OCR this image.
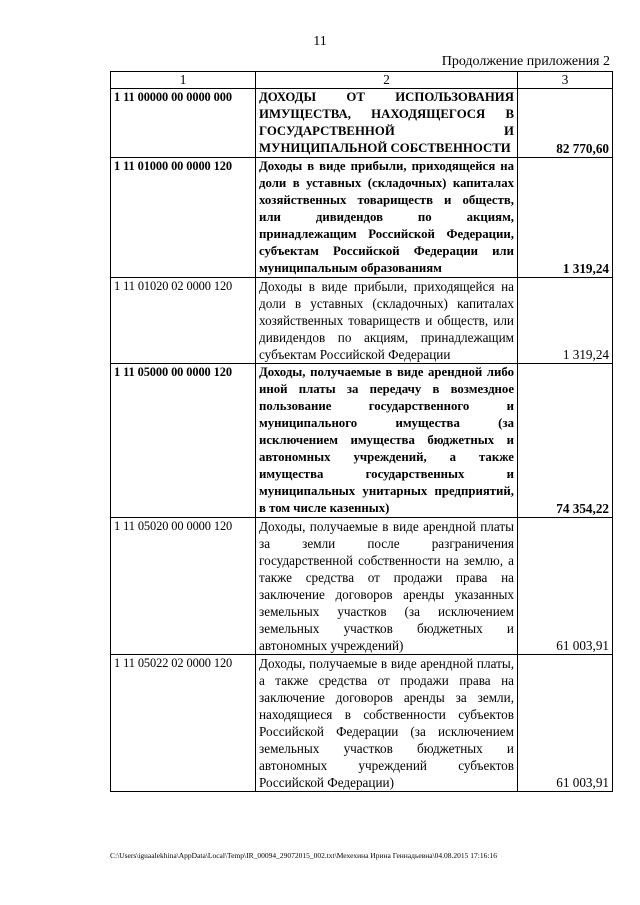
11
Продолжение приложения 2
1	2	3
1 11 00000 00 0000 000	ДОХОДЫ ОТ ИСПОЛЬЗОВАНИЯ ИМУЩЕСТВА, НАХОДЯЩЕГОСЯ В ГОСУДАРСТВЕННОЙ И МУНИЦИПАЛЬНОЙ СОБСТВЕННОСТИ	82 770,60
1 11 01000 00 0000 120	Доходы в виде прибыли, приходящейся на доли в уставных (складочных) капиталах хозяйственных товариществ и обществ, или дивидендов по акциям, принадлежащим Российской Федерации, субъектам Российской Федерации или муниципальным образованиям	1 319,24
1 11 01020 02 0000 120	Доходы в виде прибыли, приходящейся на доли в уставных (складочных) капиталах хозяйственных товариществ и обществ, или дивидендов по акциям, принадлежащим субъектам Российской Федерации	1 319,24
1 11 05000 00 0000 120	Доходы, получаемые в виде арендной либо иной платы за передачу в возмездное пользование государственного и муниципального имущества (за исключением имущества бюджетных и автономных учреждений, а также имущества государственных и муниципальных унитарных предприятий, в том числе казенных)	74 354,22
1 11 05020 00 0000 120	Доходы, получаемые в виде арендной платы за земли после разграничения государственной собственности на землю, а также средства от продажи права на заключение договоров аренды указанных земельных участков (за исключением земельных участков бюджетных и автономных учреждений)	61 003,91
1 11 05022 02 0000 120	Доходы, получаемые в виде арендной платы, а также средства от продажи права на заключение договоров аренды за земли, находящиеся в собственности субъектов Российской Федерации (за исключением земельных участков бюджетных и автономных учреждений субъектов Российской Федерации)	61 003,91
C:\Users\iguaalekhina\AppData\Local\Temp\IR_00094_29072015_002.txt\Мехехина Ирина Геннадьевна\04.08.2015 17:16:16
